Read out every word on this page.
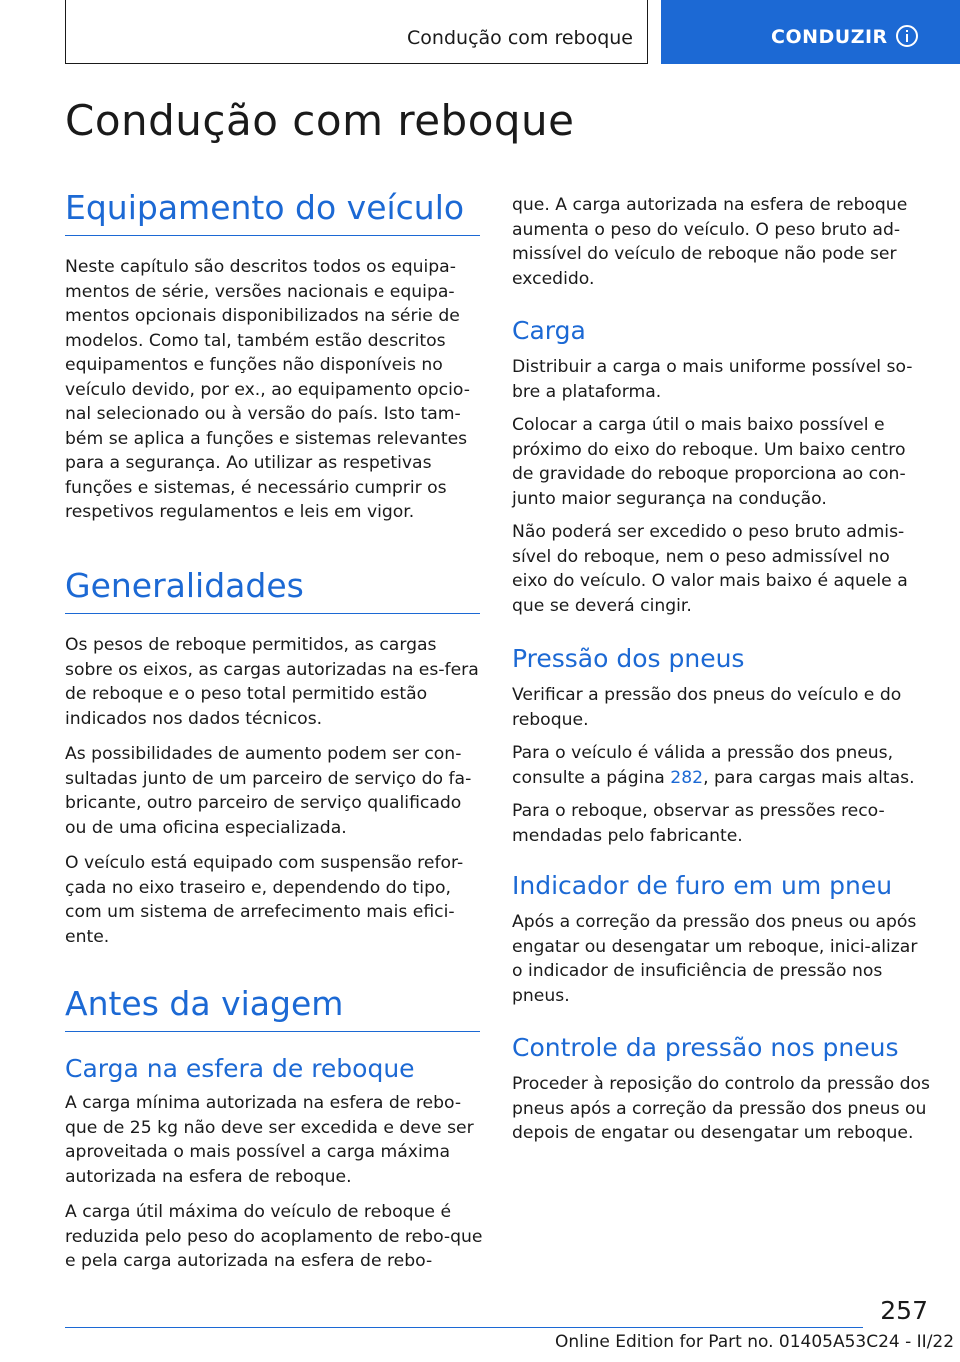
Condução com reboque	CONDUZIR
Condução com reboque
Equipamento do veículo

Neste capítulo são descritos todos os equipa-mentos de série, versões nacionais e equipa-mentos opcionais disponibilizados na série de modelos. Como tal, também estão descritos equipamentos e funções não disponíveis no veículo devido, por ex., ao equipamento opcio-nal selecionado ou à versão do país. Isto tam-bém se aplica a funções e sistemas relevantes para a segurança. Ao utilizar as respetivas funções e sistemas, é necessário cumprir os respetivos regulamentos e leis em vigor.

Generalidades

Os pesos de reboque permitidos, as cargas sobre os eixos, as cargas autorizadas na es-fera de reboque e o peso total permitido estão indicados nos dados técnicos.

As possibilidades de aumento podem ser con-sultadas junto de um parceiro de serviço do fa-bricante, outro parceiro de serviço qualificado ou de uma oficina especializada.

O veículo está equipado com suspensão refor-çada no eixo traseiro e, dependendo do tipo, com um sistema de arrefecimento mais efici-ente.

Antes da viagem
Carga na esfera de reboque

A carga mínima autorizada na esfera de rebo-que de 25 kg não deve ser excedida e deve ser aproveitada o mais possível a carga máxima autorizada na esfera de reboque.

A carga útil máxima do veículo de reboque é reduzida pelo peso do acoplamento de rebo-que e pela carga autorizada na esfera de rebo-

que. A carga autorizada na esfera de reboque aumenta o peso do veículo. O peso bruto ad-missível do veículo de reboque não pode ser excedido.

Carga

Distribuir a carga o mais uniforme possível so-bre a plataforma.

Colocar a carga útil o mais baixo possível e próximo do eixo do reboque. Um baixo centro de gravidade do reboque proporciona ao con-junto maior segurança na condução.

Não poderá ser excedido o peso bruto admis-sível do reboque, nem o peso admissível no eixo do veículo. O valor mais baixo é aquele a que se deverá cingir.

Pressão dos pneus

Verificar a pressão dos pneus do veículo e do reboque.

Para o veículo é válida a pressão dos pneus, consulte a página 282, para cargas mais altas.

Para o reboque, observar as pressões reco-mendadas pelo fabricante.

Indicador de furo em um pneu

Após a correção da pressão dos pneus ou após engatar ou desengatar um reboque, inici-alizar o indicador de insuficiência de pressão nos pneus.

Controle da pressão nos pneus

Proceder à reposição do controlo da pressão dos pneus após a correção da pressão dos pneus ou depois de engatar ou desengatar um reboque.

257
Online Edition for Part no. 01405A53C24 - II/22
